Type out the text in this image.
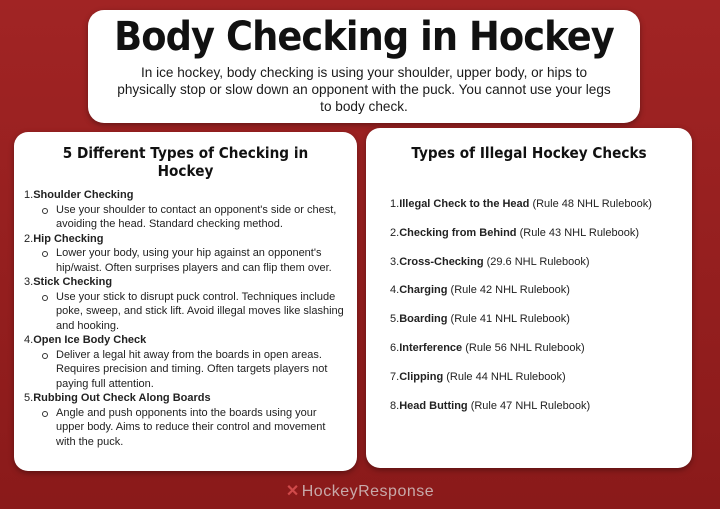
Body Checking in Hockey
In ice hockey, body checking is using your shoulder, upper body, or hips to physically stop or slow down an opponent with the puck. You cannot use your legs to body check.
5 Different Types of Checking in Hockey
1.Shoulder Checking
Use your shoulder to contact an opponent's side or chest, avoiding the head. Standard checking method.
2.Hip Checking
Lower your body, using your hip against an opponent's hip/waist. Often surprises players and can flip them over.
3.Stick Checking
Use your stick to disrupt puck control. Techniques include poke, sweep, and stick lift. Avoid illegal moves like slashing and hooking.
4.Open Ice Body Check
Deliver a legal hit away from the boards in open areas. Requires precision and timing. Often targets players not paying full attention.
5.Rubbing Out Check Along Boards
Angle and push opponents into the boards using your upper body. Aims to reduce their control and movement with the puck.
Types of Illegal Hockey Checks
1.Illegal Check to the Head (Rule 48 NHL Rulebook)
2.Checking from Behind (Rule 43 NHL Rulebook)
3.Cross-Checking (29.6 NHL Rulebook)
4.Charging (Rule 42 NHL Rulebook)
5.Boarding (Rule 41 NHL Rulebook)
6.Interference (Rule 56 NHL Rulebook)
7.Clipping (Rule 44 NHL Rulebook)
8.Head Butting (Rule 47 NHL Rulebook)
✕ HockeyResponse
